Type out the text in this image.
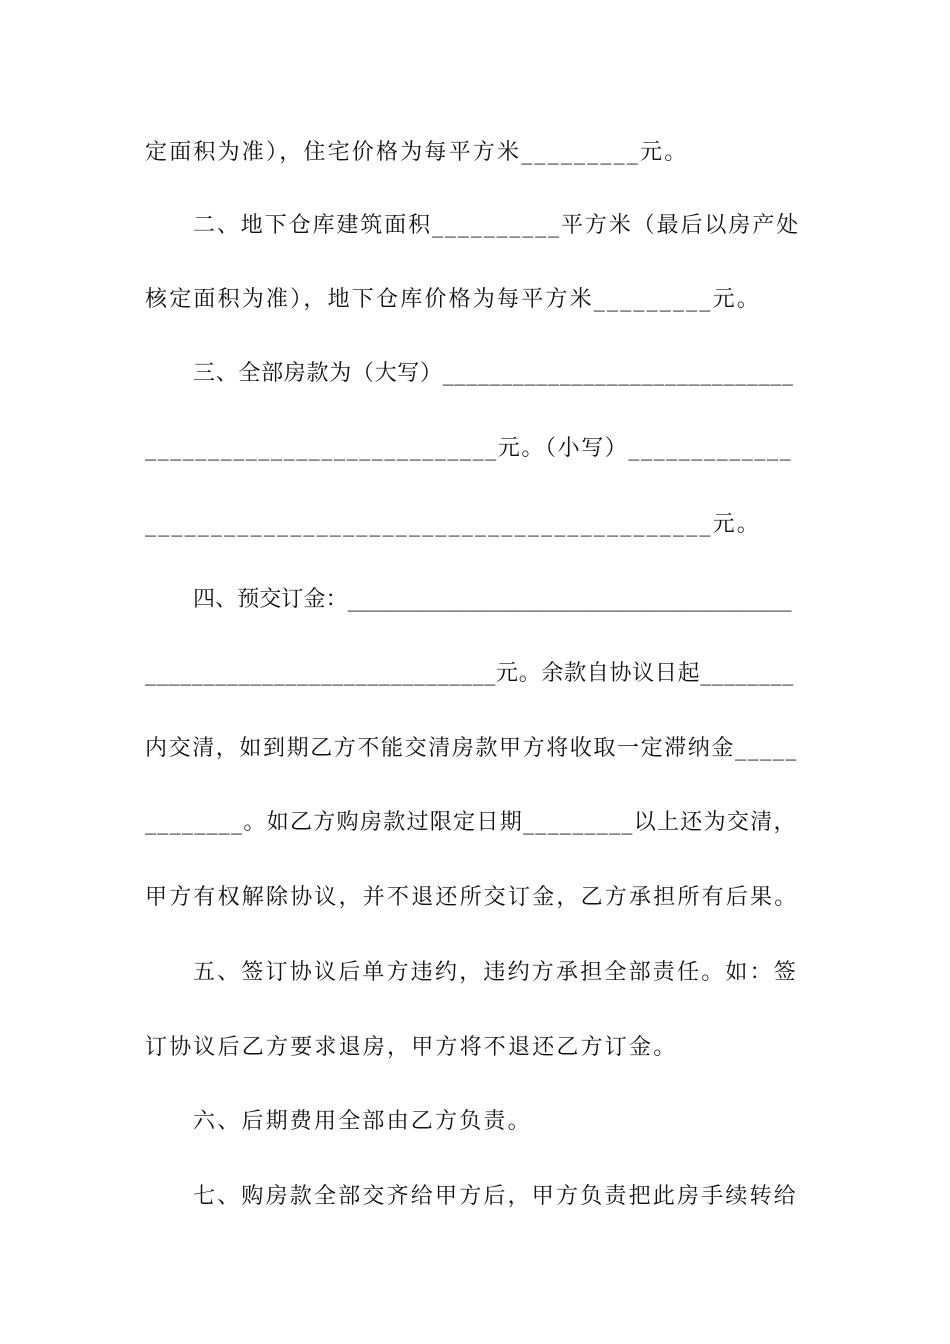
定面积为准），住宅价格为每平方米_________元。
二、地下仓库建筑面积__________平方米（最后以房产处
核定面积为准），地下仓库价格为每平方米_________元。
三、全部房款为（大写）______________________________
____________________________元。（小写）_____________
___________________________________________元。
四、预交订金：________________________________________
______________________________元。余款自协议日起________
内交清，如到期乙方不能交清房款甲方将收取一定滞纳金_____
________。如乙方购房款过限定日期_________以上还为交清，
甲方有权解除协议，并不退还所交订金，乙方承担所有后果。
五、签订协议后单方违约，违约方承担全部责任。如：签
订协议后乙方要求退房，甲方将不退还乙方订金。
六、后期费用全部由乙方负责。
七、购房款全部交齐给甲方后，甲方负责把此房手续转给
